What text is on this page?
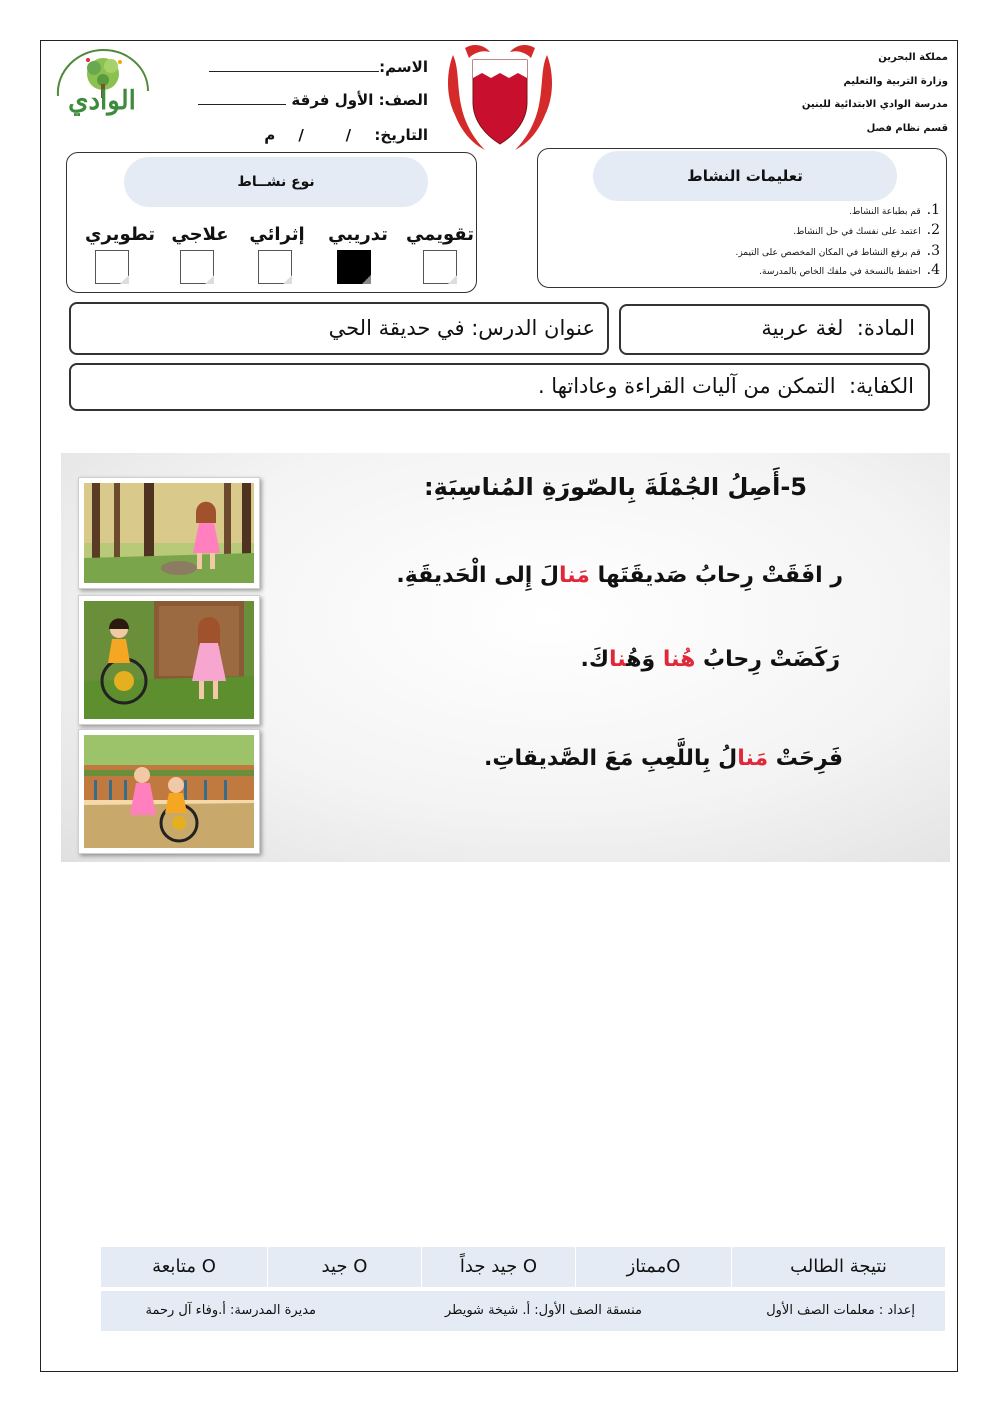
مملكة البحرين
وزارة التربية والتعليم
مدرسة الوادي الابتدائية للبنين
قسم نظام فصل
الوادي
الاسم:
الصف: الأول فرقة
التاريخ: /        / م
نوع نشــاط
تقويمي
تدريبي
إثرائي
علاجي
تطويري
تعليمات النشاط
1.قم بطباعة النشاط.
2.اعتمد على نفسك في حل النشاط.
3.قم برفع النشاط في المكان المخصص على التيمز.
4.احتفظ بالنسخة في ملفك الخاص بالمدرسة.
المادة:  لغة عربية
عنوان الدرس: في حديقة الحي
الكفاية:  التمكن من آليات القراءة وعاداتها .
5-أَصِلُ الجُمْلَةَ بِالصّورَةِ المُناسِبَةِ:
ر افَقَتْ رِحابُ صَديقَتَها مَنالَ إِلى الْحَديقَةِ.
رَكَضَتْ رِحابُ هُنا وَهُناكَ.
فَرِحَتْ مَنالُ بِاللَّعِبِ مَعَ الصَّديقاتِ.
نتيجة الطالب
Oممتاز
O جيد جداً
O جيد
O متابعة
إعداد : معلمات الصف الأول
منسقة الصف الأول: أ. شيخة شويطر
مديرة المدرسة: أ.وفاء آل رحمة
